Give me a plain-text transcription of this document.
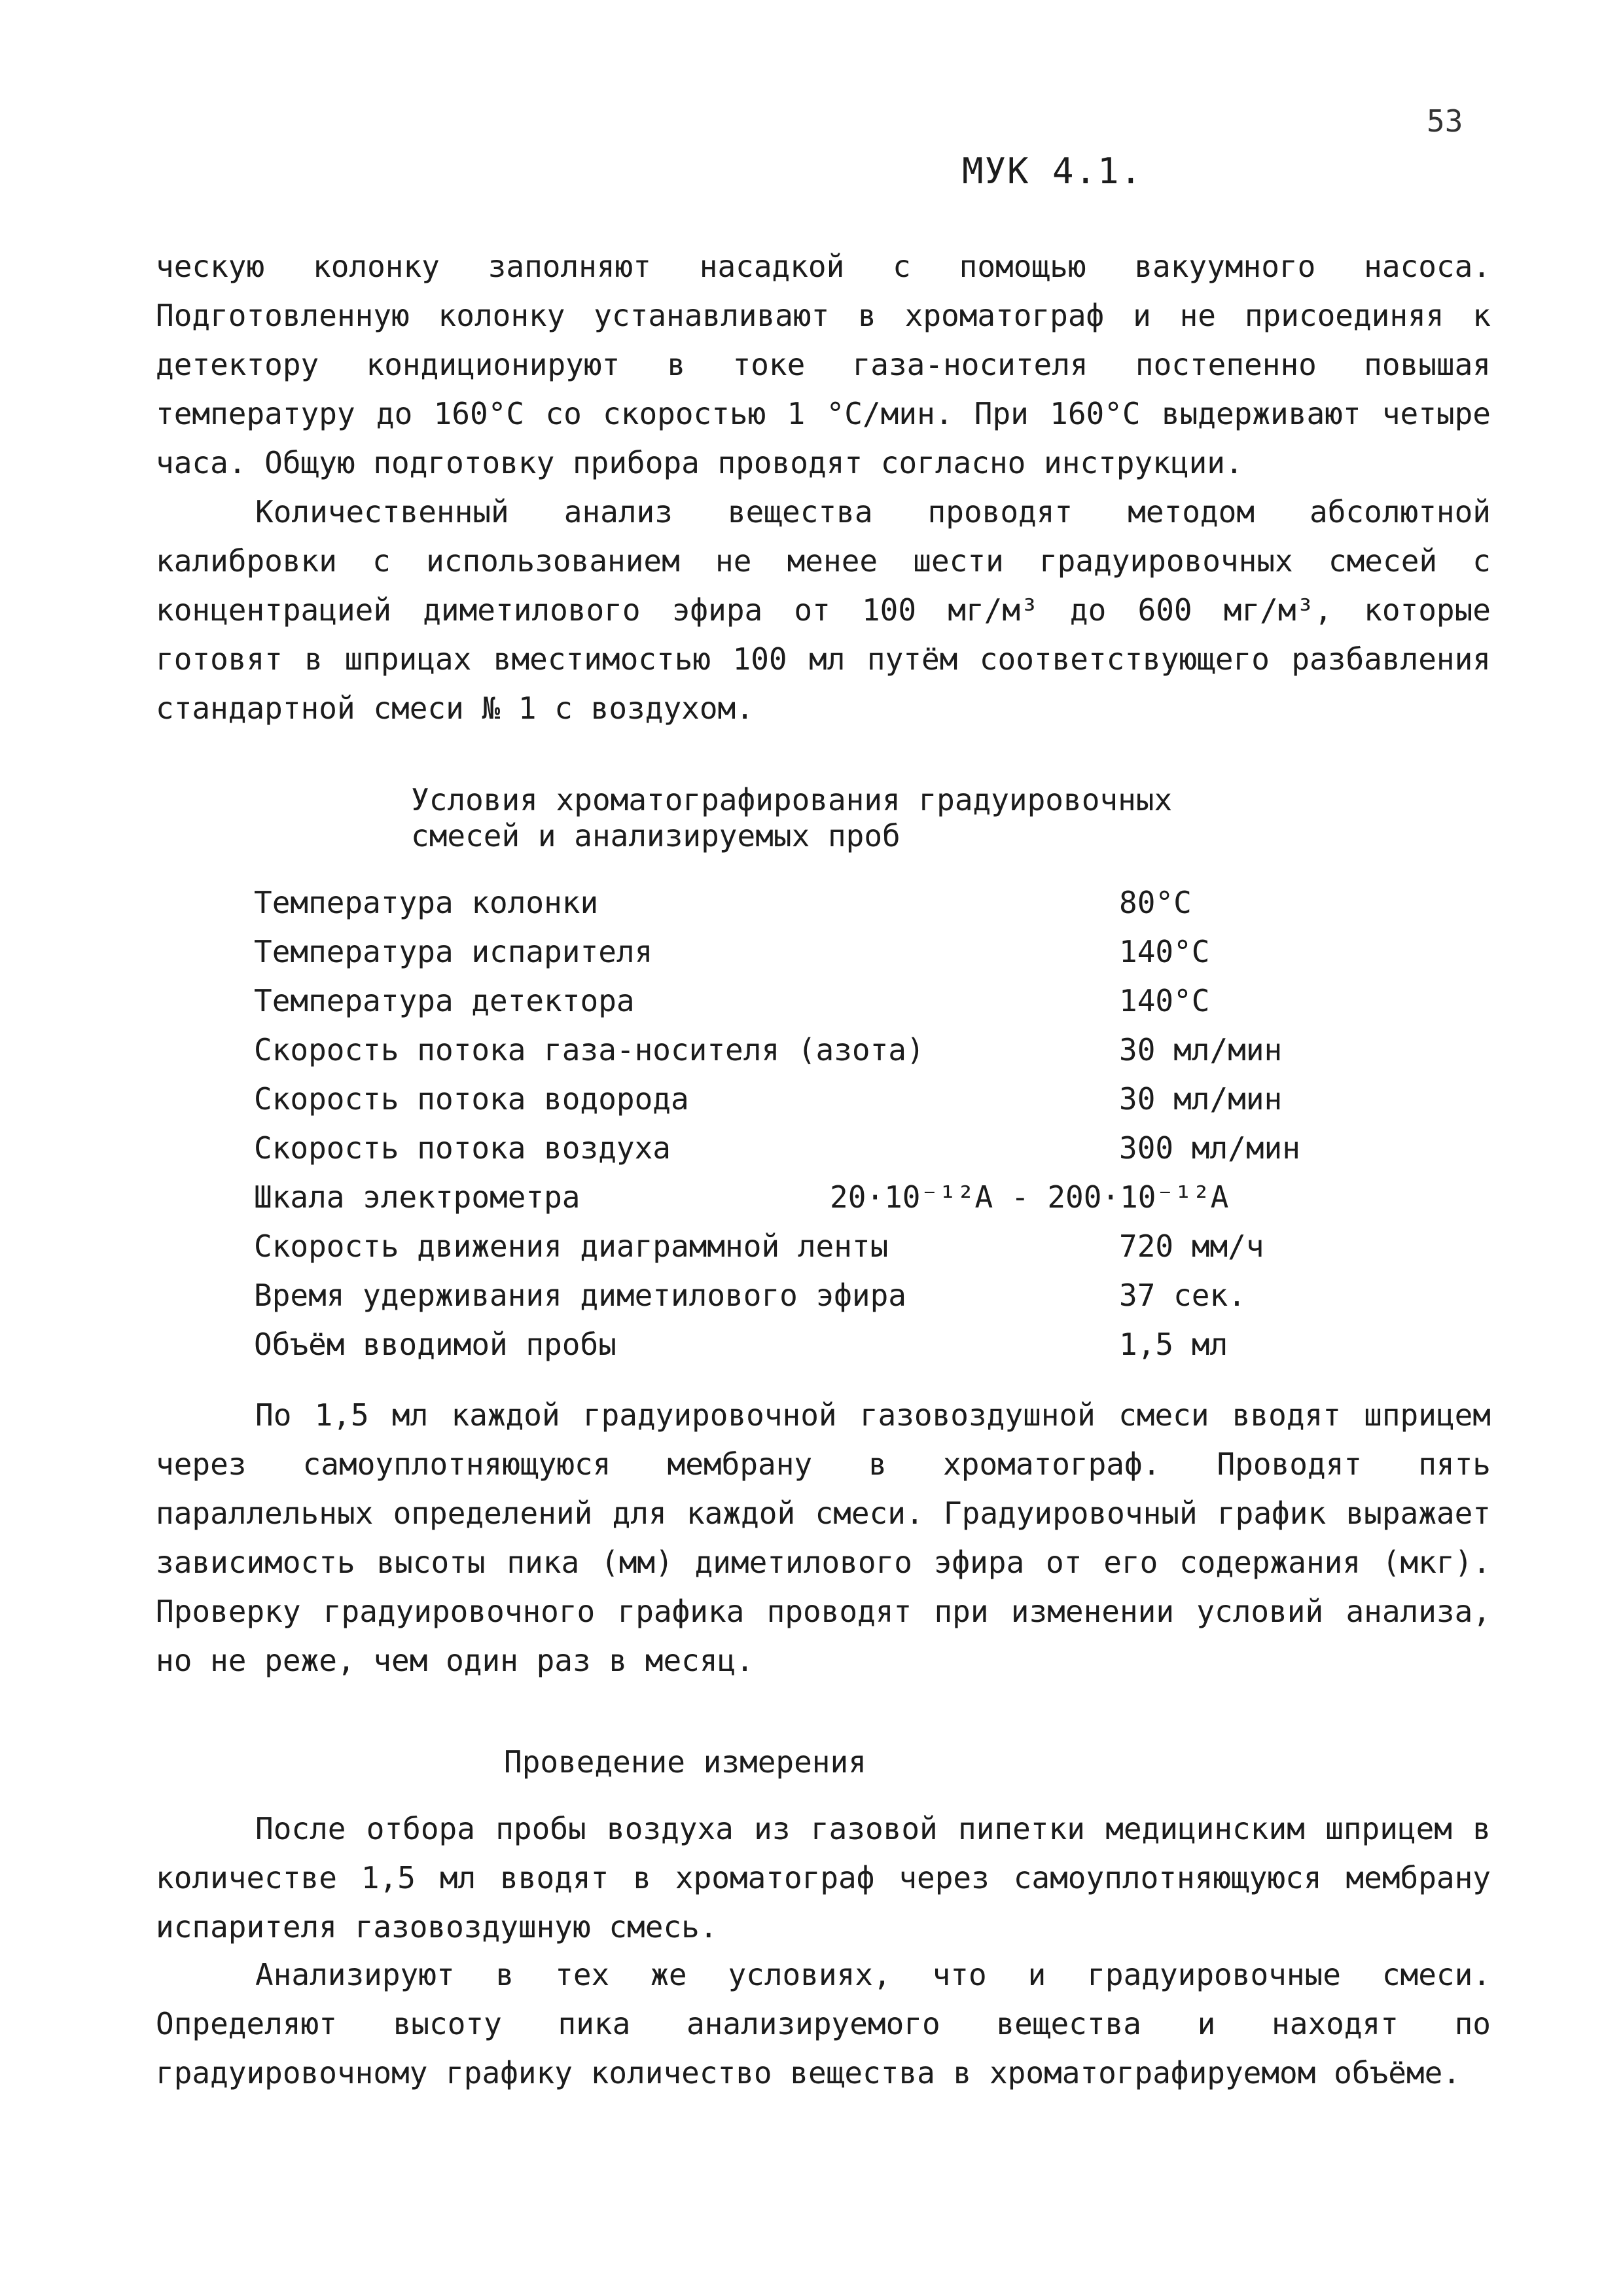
53
МУК 4.1.

ческую колонку заполняют насадкой с помощью вакуумного насоса. Подготовленную колонку устанавливают в хроматограф и не присоединяя к детектору кондиционируют в токе газа-носителя постепенно повышая температуру до 160°C со скоростью 1 °C/мин. При 160°C выдерживают четыре часа. Общую подготовку прибора проводят согласно инструкции.

Количественный анализ вещества проводят методом абсолютной калибровки с использованием не менее шести градуировочных смесей с концентрацией диметилового эфира от 100 мг/м³ до 600 мг/м³, которые готовят в шприцах вместимостью 100 мл путём соответствующего разбавления стандартной смеси № 1 с воздухом.

Условия хроматографирования градуировочных
смесей и анализируемых проб
Температура колонки	80°C
Температура испарителя	140°C
Температура детектора	140°C
Скорость потока газа-носителя (азота)	30 мл/мин
Скорость потока водорода	30 мл/мин
Скорость потока воздуха	300 мл/мин
Шкала электрометра	20·10⁻¹²A - 200·10⁻¹²A
Скорость движения диаграммной ленты	720 мм/ч
Время удерживания диметилового эфира	37 сек.
Объём вводимой пробы	1,5 мл

По 1,5 мл каждой градуировочной газовоздушной смеси вводят шприцем через самоуплотняющуюся мембрану в хроматограф. Проводят пять параллельных определений для каждой смеси. Градуировочный график выражает зависимость высоты пика (мм) диметилового эфира от его содержания (мкг). Проверку градуировочного графика проводят при изменении условий анализа, но не реже, чем один раз в месяц.

Проведение измерения

После отбора пробы воздуха из газовой пипетки медицинским шприцем в количестве 1,5 мл вводят в хроматограф через самоуплотняющуюся мембрану испарителя газовоздушную смесь.

Анализируют в тех же условиях, что и градуировочные смеси. Определяют высоту пика анализируемого вещества и находят по градуировочному графику количество вещества в хроматографируемом объёме.
